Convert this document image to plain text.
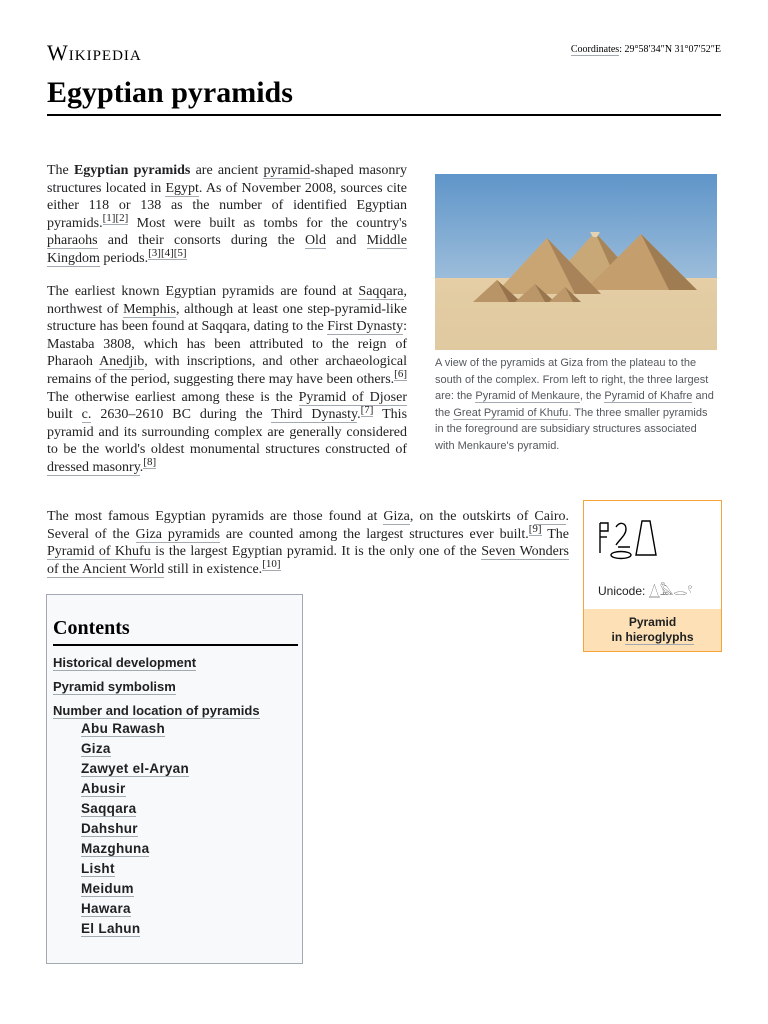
Wikipedia	Coordinates: 29°58′34″N 31°07′52″E
Egyptian pyramids

The Egyptian pyramids are ancient pyramid-shaped masonry structures located in Egypt. As of November 2008, sources cite either 118 or 138 as the number of identified Egyptian pyramids.[1][2] Most were built as tombs for the country's pharaohs and their consorts during the Old and Middle Kingdom periods.[3][4][5]

The earliest known Egyptian pyramids are found at Saqqara, northwest of Memphis, although at least one step-pyramid-like structure has been found at Saqqara, dating to the First Dynasty: Mastaba 3808, which has been attributed to the reign of Pharaoh Anedjib, with inscriptions, and other archaeological remains of the period, suggesting there may have been others.[6] The otherwise earliest among these is the Pyramid of Djoser built c. 2630–2610 BC during the Third Dynasty.[7] This pyramid and its surrounding complex are generally considered to be the world's oldest monumental structures constructed of dressed masonry.[8]

The most famous Egyptian pyramids are those found at Giza, on the outskirts of Cairo. Several of the Giza pyramids are counted among the largest structures ever built.[9] The Pyramid of Khufu is the largest Egyptian pyramid. It is the only one of the Seven Wonders of the Ancient World still in existence.[10]

A view of the pyramids at Giza from the plateau to the south of the complex. From left to right, the three largest are: the Pyramid of Menkaure, the Pyramid of Khafre and the Great Pyramid of Khufu. The three smaller pyramids in the foreground are subsidiary structures associated with Menkaure's pyramid.
Unicode: 𓉴𓅓𓂋𓍢
Pyramid
in hieroglyphs
Contents
Historical development
Pyramid symbolism
Number and location of pyramids
Abu Rawash
Giza
Zawyet el-Aryan
Abusir
Saqqara
Dahshur
Mazghuna
Lisht
Meidum
Hawara
El Lahun
